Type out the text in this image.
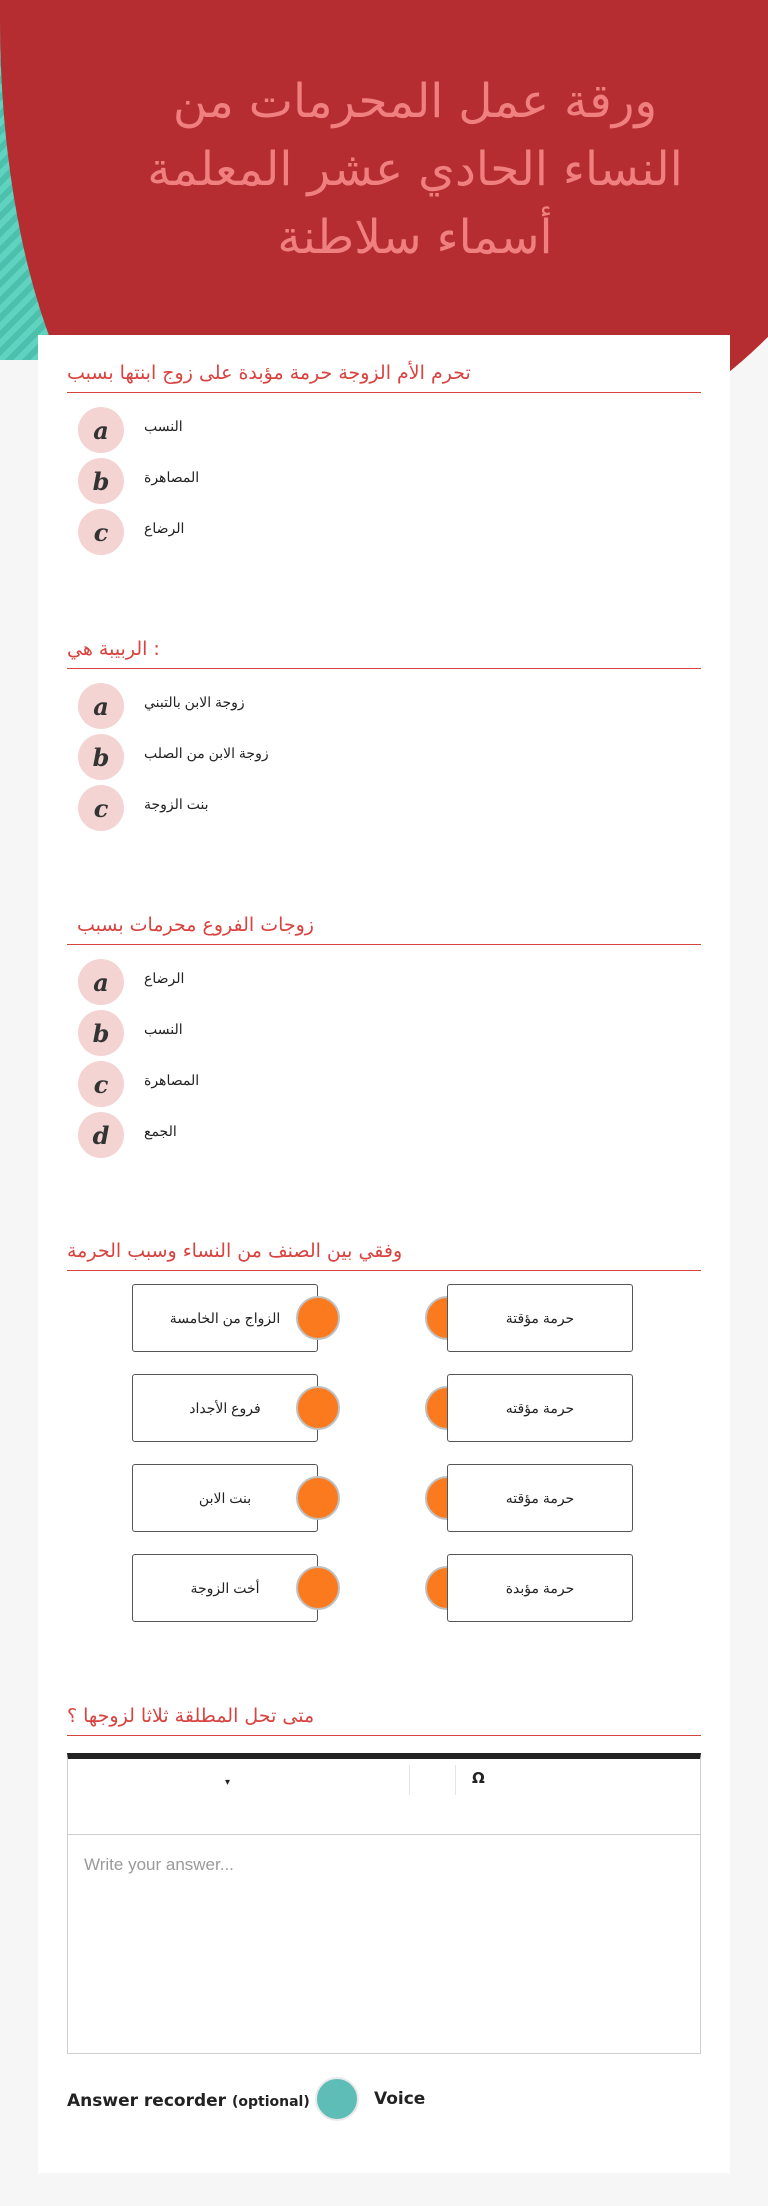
ورقة عمل المحرمات من النساء الحادي عشر المعلمة أسماء سلاطنة
تحرم الأم الزوجة حرمة مؤبدة على زوج ابنتها بسبب
a	النسب
b	المصاهرة
c	الرضاع
الربيبة هي :
a	زوجة الابن بالتبني
b	زوجة الابن من الصلب
c	بنت الزوجة
زوجات الفروع محرمات بسبب
a	الرضاع
b	النسب
c	المصاهرة
d	الجمع
وفقي بين الصنف من النساء وسبب الحرمة
الزواج من الخامسة	حرمة مؤقتة
فروع الأجداد	حرمة مؤقته
بنت الابن	حرمة مؤقته
أخت الزوجة	حرمة مؤبدة
متى تحل المطلقة ثلاثا لزوجها ؟
▾	Ω
Write your answer...
Answer recorder (optional)	Voice
